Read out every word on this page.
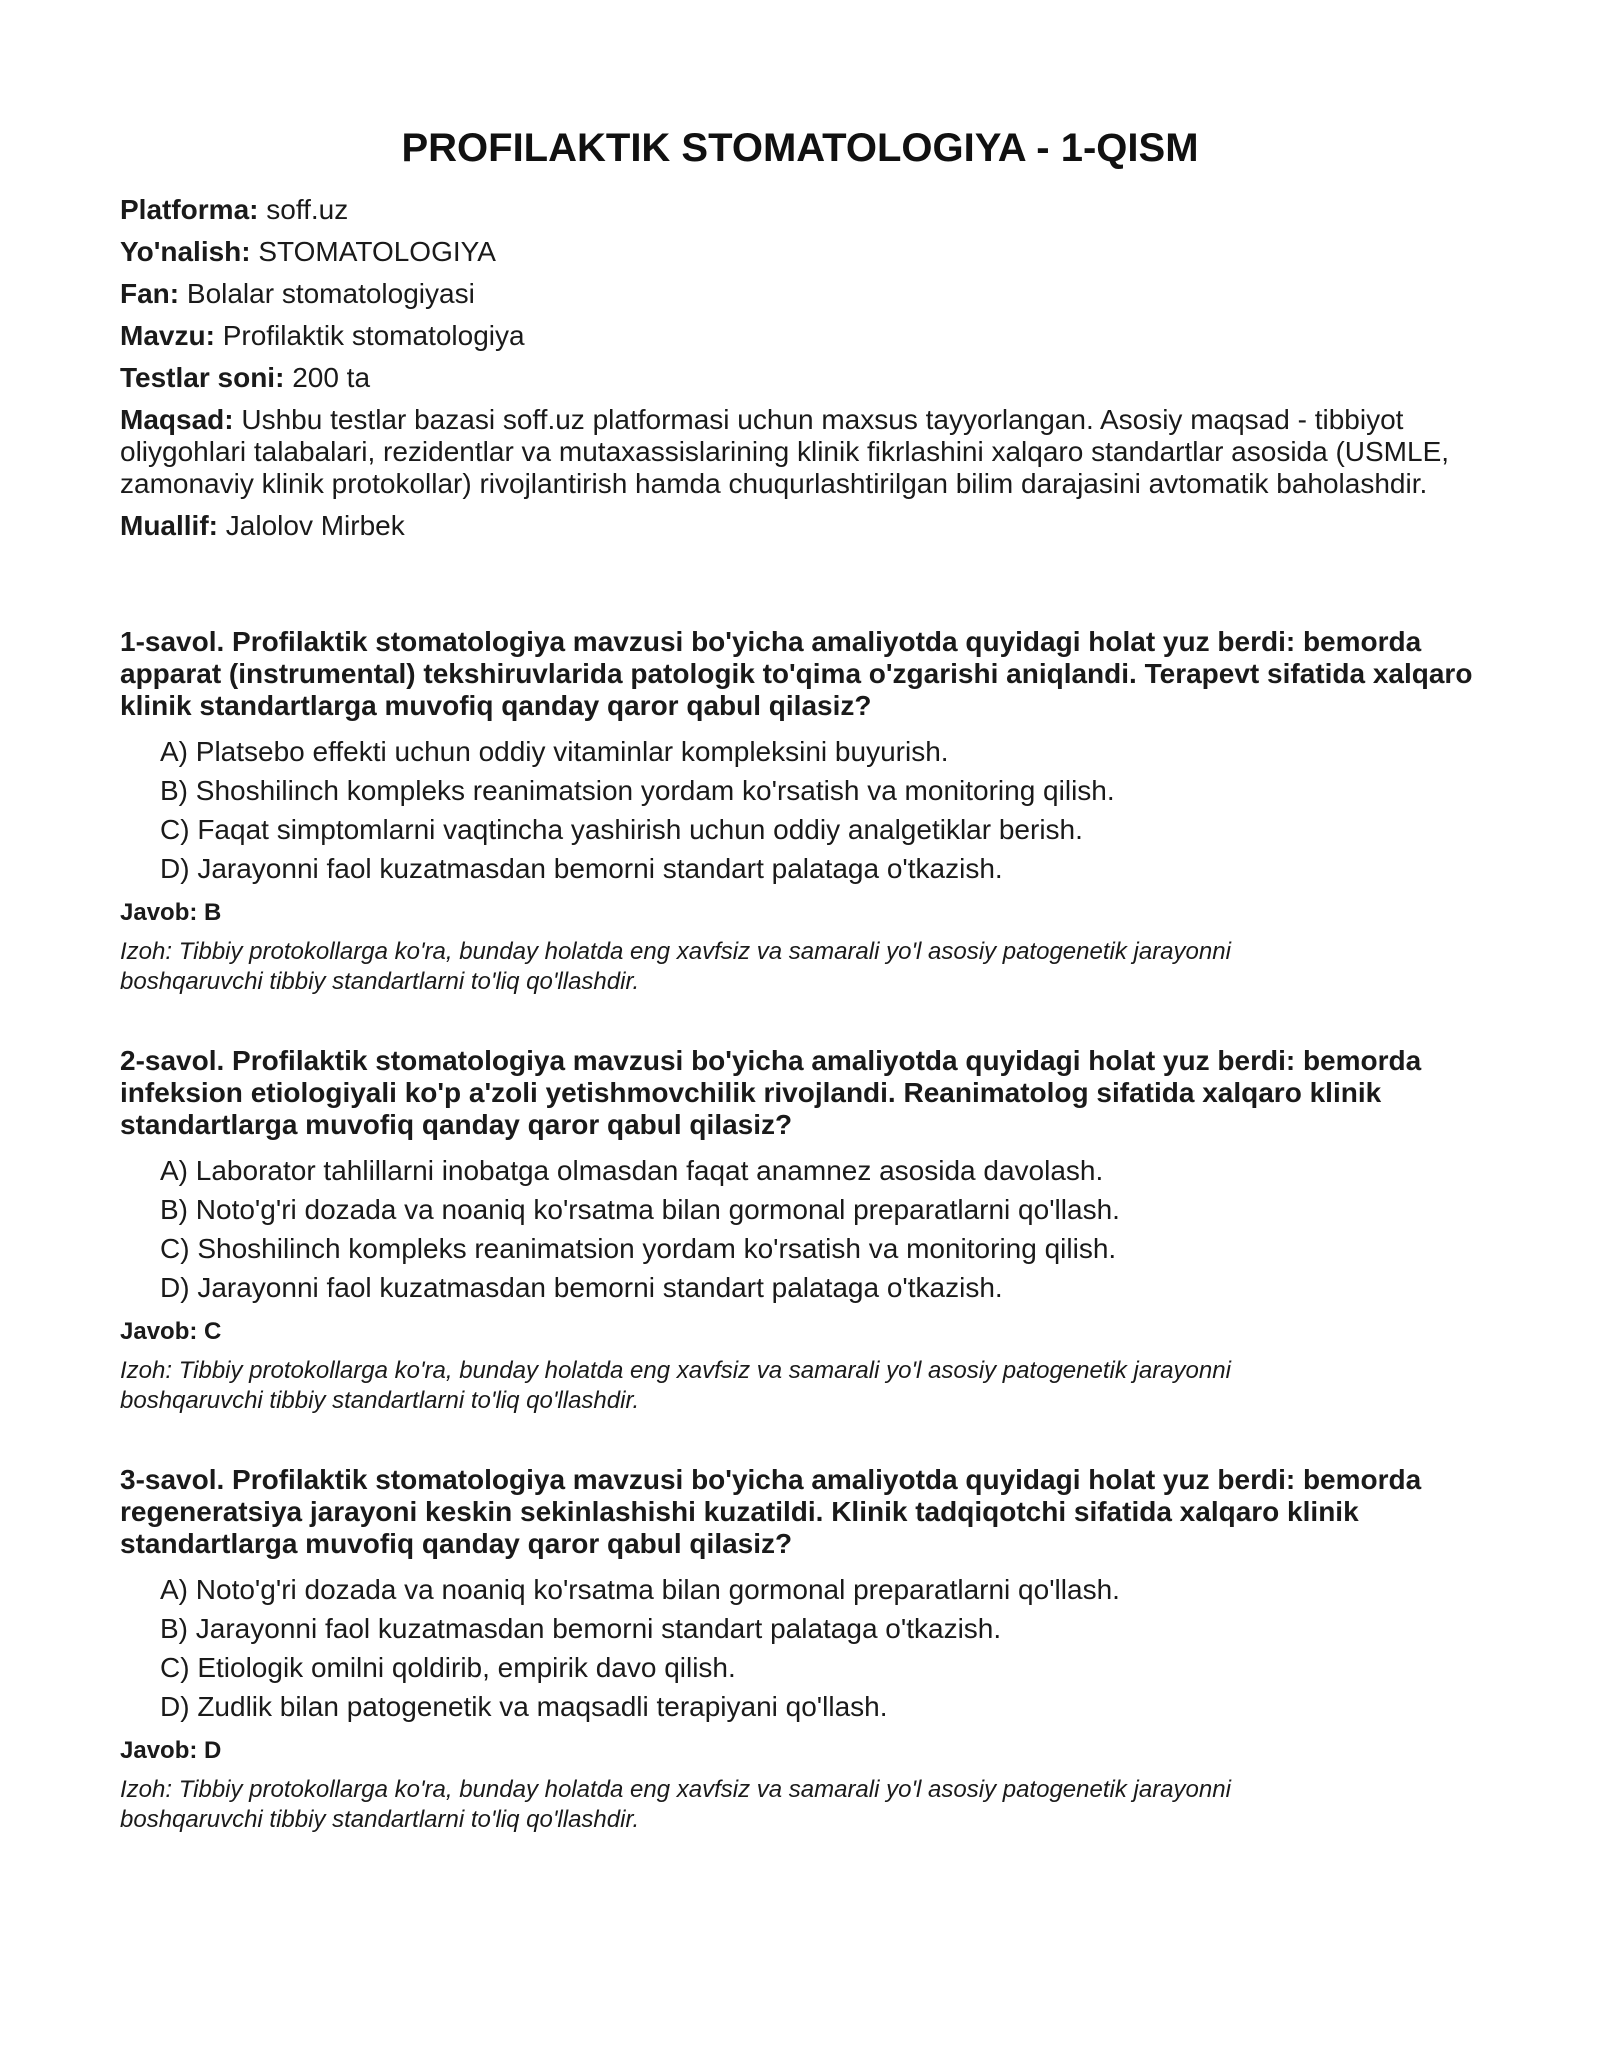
PROFILAKTIK STOMATOLOGIYA - 1-QISM
Platforma: soff.uz
Yo'nalish: STOMATOLOGIYA
Fan: Bolalar stomatologiyasi
Mavzu: Profilaktik stomatologiya
Testlar soni: 200 ta
Maqsad: Ushbu testlar bazasi soff.uz platformasi uchun maxsus tayyorlangan. Asosiy maqsad - tibbiyot oliygohlari talabalari, rezidentlar va mutaxassislarining klinik fikrlashini xalqaro standartlar asosida (USMLE, zamonaviy klinik protokollar) rivojlantirish hamda chuqurlashtirilgan bilim darajasini avtomatik baholashdir.
Muallif: Jalolov Mirbek

1-savol. Profilaktik stomatologiya mavzusi bo'yicha amaliyotda quyidagi holat yuz berdi: bemorda apparat (instrumental) tekshiruvlarida patologik to'qima o'zgarishi aniqlandi. Terapevt sifatida xalqaro klinik standartlarga muvofiq qanday qaror qabul qilasiz?

A) Platsebo effekti uchun oddiy vitaminlar kompleksini buyurish.
B) Shoshilinch kompleks reanimatsion yordam ko'rsatish va monitoring qilish.
C) Faqat simptomlarni vaqtincha yashirish uchun oddiy analgetiklar berish.
D) Jarayonni faol kuzatmasdan bemorni standart palataga o'tkazish.
Javob: B
Izoh: Tibbiy protokollarga ko'ra, bunday holatda eng xavfsiz va samarali yo'l asosiy patogenetik jarayonni boshqaruvchi tibbiy standartlarni to'liq qo'llashdir.

2-savol. Profilaktik stomatologiya mavzusi bo'yicha amaliyotda quyidagi holat yuz berdi: bemorda infeksion etiologiyali ko'p a'zoli yetishmovchilik rivojlandi. Reanimatolog sifatida xalqaro klinik standartlarga muvofiq qanday qaror qabul qilasiz?

A) Laborator tahlillarni inobatga olmasdan faqat anamnez asosida davolash.
B) Noto'g'ri dozada va noaniq ko'rsatma bilan gormonal preparatlarni qo'llash.
C) Shoshilinch kompleks reanimatsion yordam ko'rsatish va monitoring qilish.
D) Jarayonni faol kuzatmasdan bemorni standart palataga o'tkazish.
Javob: C
Izoh: Tibbiy protokollarga ko'ra, bunday holatda eng xavfsiz va samarali yo'l asosiy patogenetik jarayonni boshqaruvchi tibbiy standartlarni to'liq qo'llashdir.

3-savol. Profilaktik stomatologiya mavzusi bo'yicha amaliyotda quyidagi holat yuz berdi: bemorda regeneratsiya jarayoni keskin sekinlashishi kuzatildi. Klinik tadqiqotchi sifatida xalqaro klinik standartlarga muvofiq qanday qaror qabul qilasiz?

A) Noto'g'ri dozada va noaniq ko'rsatma bilan gormonal preparatlarni qo'llash.
B) Jarayonni faol kuzatmasdan bemorni standart palataga o'tkazish.
C) Etiologik omilni qoldirib, empirik davo qilish.
D) Zudlik bilan patogenetik va maqsadli terapiyani qo'llash.
Javob: D
Izoh: Tibbiy protokollarga ko'ra, bunday holatda eng xavfsiz va samarali yo'l asosiy patogenetik jarayonni boshqaruvchi tibbiy standartlarni to'liq qo'llashdir.
